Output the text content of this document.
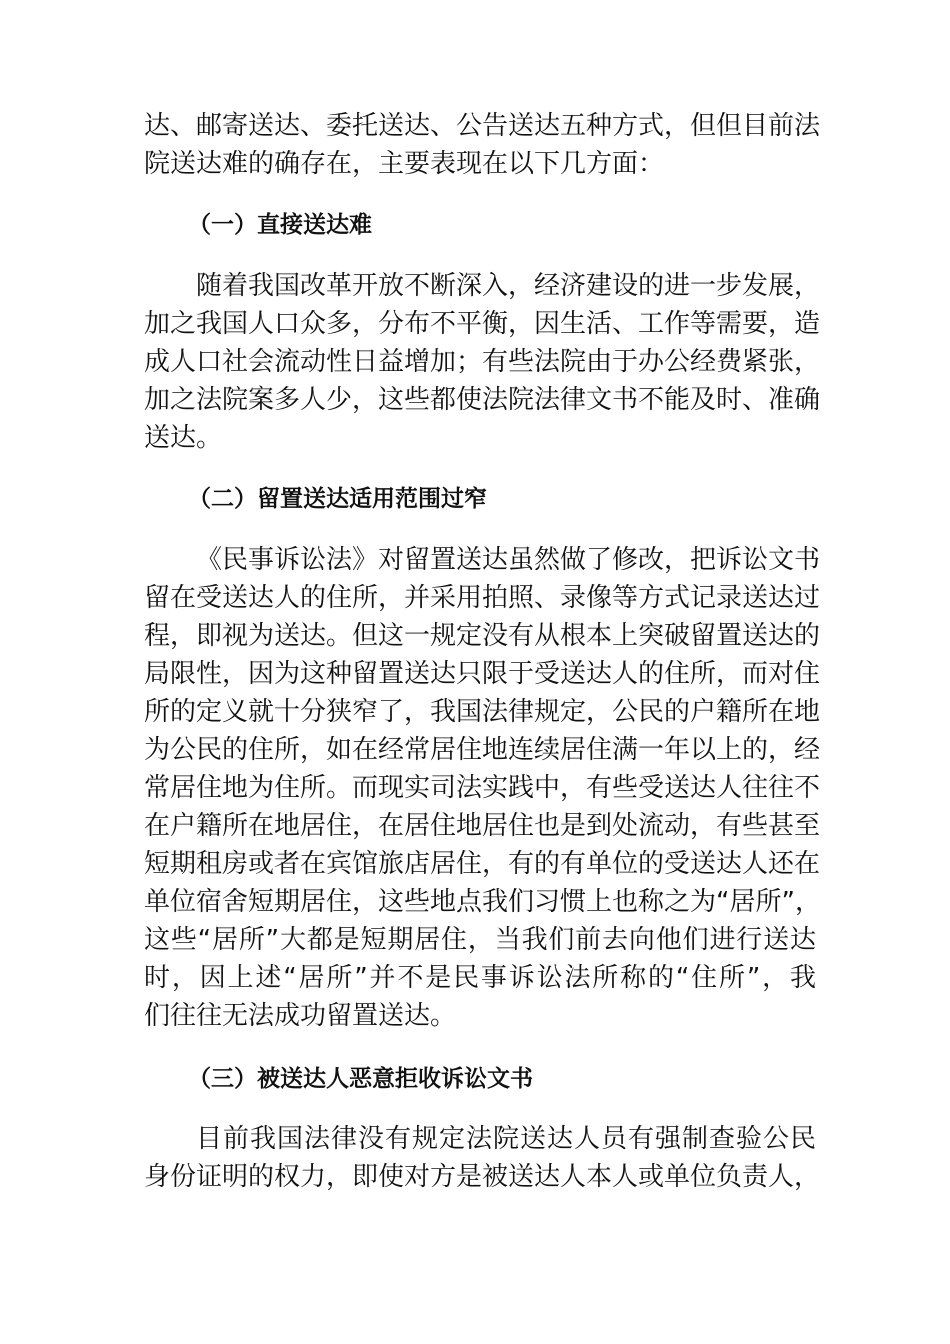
达、邮寄送达、委托送达、公告送达五种方式，但但目前法
院送达难的确存在，主要表现在以下几方面：
（一）直接送达难
随着我国改革开放不断深入，经济建设的进一步发展，
加之我国人口众多，分布不平衡，因生活、工作等需要，造
成人口社会流动性日益增加；有些法院由于办公经费紧张，
加之法院案多人少，这些都使法院法律文书不能及时、准确
送达。
（二）留置送达适用范围过窄
《民事诉讼法》对留置送达虽然做了修改，把诉讼文书
留在受送达人的住所，并采用拍照、录像等方式记录送达过
程，即视为送达。但这一规定没有从根本上突破留置送达的
局限性，因为这种留置送达只限于受送达人的住所，而对住
所的定义就十分狭窄了，我国法律规定，公民的户籍所在地
为公民的住所，如在经常居住地连续居住满一年以上的，经
常居住地为住所。而现实司法实践中，有些受送达人往往不
在户籍所在地居住，在居住地居住也是到处流动，有些甚至
短期租房或者在宾馆旅店居住，有的有单位的受送达人还在
单位宿舍短期居住，这些地点我们习惯上也称之为“居所”，
这些“居所”大都是短期居住，当我们前去向他们进行送达
时，因上述“居所”并不是民事诉讼法所称的“住所”，我
们往往无法成功留置送达。
（三）被送达人恶意拒收诉讼文书
目前我国法律没有规定法院送达人员有强制查验公民
身份证明的权力，即使对方是被送达人本人或单位负责人，
